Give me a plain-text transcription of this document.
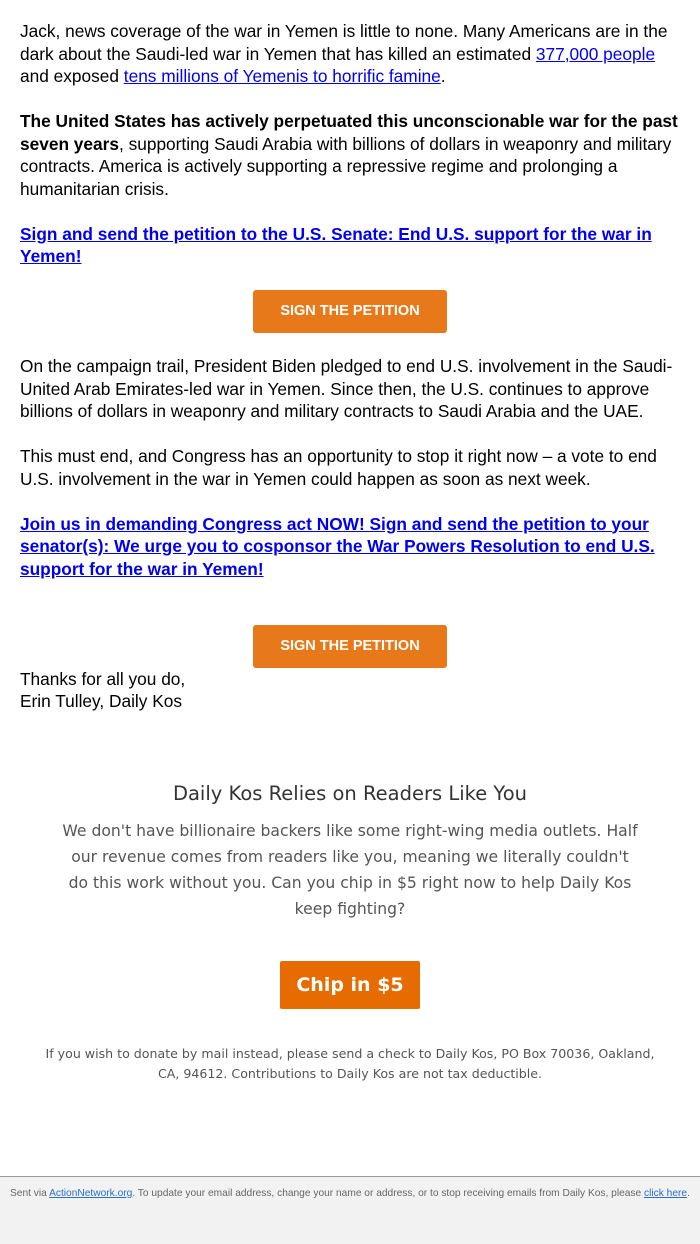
Jack, news coverage of the war in Yemen is little to none. Many Americans are in the dark about the Saudi-led war in Yemen that has killed an estimated 377,000 people and exposed tens millions of Yemenis to horrific famine.

The United States has actively perpetuated this unconscionable war for the past seven years, supporting Saudi Arabia with billions of dollars in weaponry and military contracts. America is actively supporting a repressive regime and prolonging a humanitarian crisis.

Sign and send the petition to the U.S. Senate: End U.S. support for the war in Yemen!

On the campaign trail, President Biden pledged to end U.S. involvement in the Saudi-United Arab Emirates-led war in Yemen. Since then, the U.S. continues to approve billions of dollars in weaponry and military contracts to Saudi Arabia and the UAE.

This must end, and Congress has an opportunity to stop it right now – a vote to end U.S. involvement in the war in Yemen could happen as soon as next week.

Join us in demanding Congress act NOW! Sign and send the petition to your senator(s): We urge you to cosponsor the War Powers Resolution to end U.S. support for the war in Yemen!

Thanks for all you do,
Erin Tulley, Daily Kos

SIGN THE PETITION
SIGN THE PETITION
Daily Kos Relies on Readers Like You
We don't have billionaire backers like some right-wing media outlets. Half our revenue comes from readers like you, meaning we literally couldn't do this work without you. Can you chip in $5 right now to help Daily Kos keep fighting?
Chip in $5
If you wish to donate by mail instead, please send a check to Daily Kos, PO Box 70036, Oakland, CA, 94612. Contributions to Daily Kos are not tax deductible.
Sent via ActionNetwork.org. To update your email address, change your name or address, or to stop receiving emails from Daily Kos, please click here.
